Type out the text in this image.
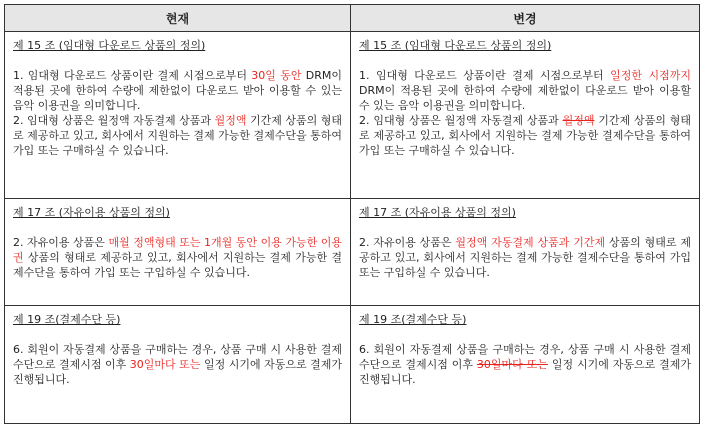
현재	변경
제 15 조 (임대형 다운로드 상품의 정의)

1. 임대형 다운로드 상품이란 결제 시점으로부터 30일 동안 DRM이 적용된 곳에 한하여 수량에 제한없이 다운로드 받아 이용할 수 있는 음악 이용권을 의미합니다.

2. 임대형 상품은 월정액 자동결제 상품과 월정액 기간제 상품의 형태로 제공하고 있고, 회사에서 지원하는 결제 가능한 결제수단을 통하여 가입 또는 구매하실 수 있습니다.

제 15 조 (임대형 다운로드 상품의 정의)

1. 임대형 다운로드 상품이란 결제 시점으로부터 일정한 시점까지 DRM이 적용된 곳에 한하여 수량에 제한없이 다운로드 받아 이용할 수 있는 음악 이용권을 의미합니다.

2. 임대형 상품은 월정액 자동결제 상품과 월정액 기간제 상품의 형태로 제공하고 있고, 회사에서 지원하는 결제 가능한 결제수단을 통하여 가입 또는 구매하실 수 있습니다.

제 17 조 (자유이용 상품의 정의)

2. 자유이용 상품은 매월 정액형태 또는 1개월 동안 이용 가능한 이용권 상품의 형태로 제공하고 있고, 회사에서 지원하는 결제 가능한 결제수단을 통하여 가입 또는 구입하실 수 있습니다.

제 17 조 (자유이용 상품의 정의)

2. 자유이용 상품은 월정액 자동결제 상품과 기간제 상품의 형태로 제공하고 있고, 회사에서 지원하는 결제 가능한 결제수단을 통하여 가입 또는 구입하실 수 있습니다.

제 19 조(결제수단 등)

6. 회원이 자동결제 상품을 구매하는 경우, 상품 구매 시 사용한 결제수단으로 결제시점 이후 30일마다 또는 일정 시기에 자동으로 결제가 진행됩니다.

제 19 조(결제수단 등)

6. 회원이 자동결제 상품을 구매하는 경우, 상품 구매 시 사용한 결제수단으로 결제시점 이후 30일마다 또는 일정 시기에 자동으로 결제가 진행됩니다.
